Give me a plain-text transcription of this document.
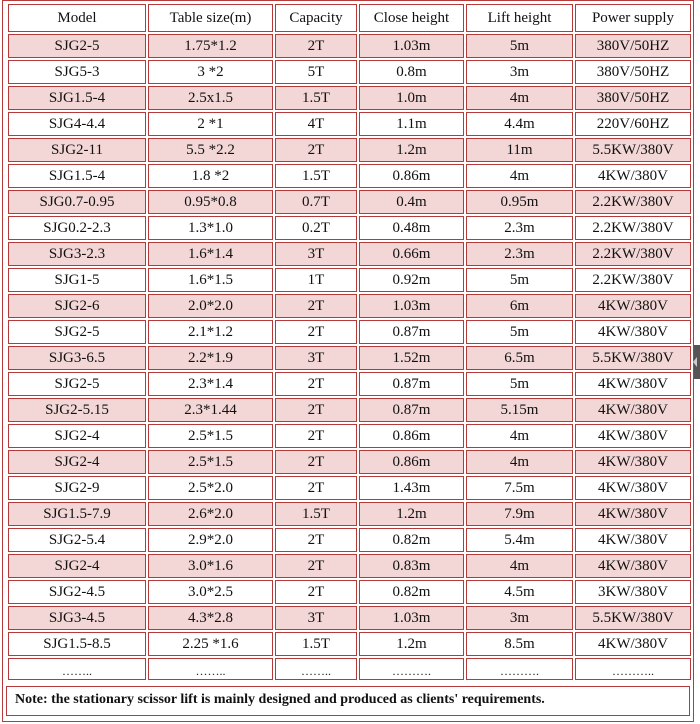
Model	Table size(m)	Capacity	Close height	Lift height	Power supply
SJG2-5	1.75*1.2	2T	1.03m	5m	380V/50HZ
SJG5-3	3 *2	5T	0.8m	3m	380V/50HZ
SJG1.5-4	2.5x1.5	1.5T	1.0m	4m	380V/50HZ
SJG4-4.4	2 *1	4T	1.1m	4.4m	220V/60HZ
SJG2-11	5.5 *2.2	2T	1.2m	11m	5.5KW/380V
SJG1.5-4	1.8 *2	1.5T	0.86m	4m	4KW/380V
SJG0.7-0.95	0.95*0.8	0.7T	0.4m	0.95m	2.2KW/380V
SJG0.2-2.3	1.3*1.0	0.2T	0.48m	2.3m	2.2KW/380V
SJG3-2.3	1.6*1.4	3T	0.66m	2.3m	2.2KW/380V
SJG1-5	1.6*1.5	1T	0.92m	5m	2.2KW/380V
SJG2-6	2.0*2.0	2T	1.03m	6m	4KW/380V
SJG2-5	2.1*1.2	2T	0.87m	5m	4KW/380V
SJG3-6.5	2.2*1.9	3T	1.52m	6.5m	5.5KW/380V
SJG2-5	2.3*1.4	2T	0.87m	5m	4KW/380V
SJG2-5.15	2.3*1.44	2T	0.87m	5.15m	4KW/380V
SJG2-4	2.5*1.5	2T	0.86m	4m	4KW/380V
SJG2-4	2.5*1.5	2T	0.86m	4m	4KW/380V
SJG2-9	2.5*2.0	2T	1.43m	7.5m	4KW/380V
SJG1.5-7.9	2.6*2.0	1.5T	1.2m	7.9m	4KW/380V
SJG2-5.4	2.9*2.0	2T	0.82m	5.4m	4KW/380V
SJG2-4	3.0*1.6	2T	0.83m	4m	4KW/380V
SJG2-4.5	3.0*2.5	2T	0.82m	4.5m	3KW/380V
SJG3-4.5	4.3*2.8	3T	1.03m	3m	5.5KW/380V
SJG1.5-8.5	2.25 *1.6	1.5T	1.2m	8.5m	4KW/380V
……..	……..	……..	……….	……….	………..
Note: the stationary scissor lift is mainly designed and produced as clients' requirements.
